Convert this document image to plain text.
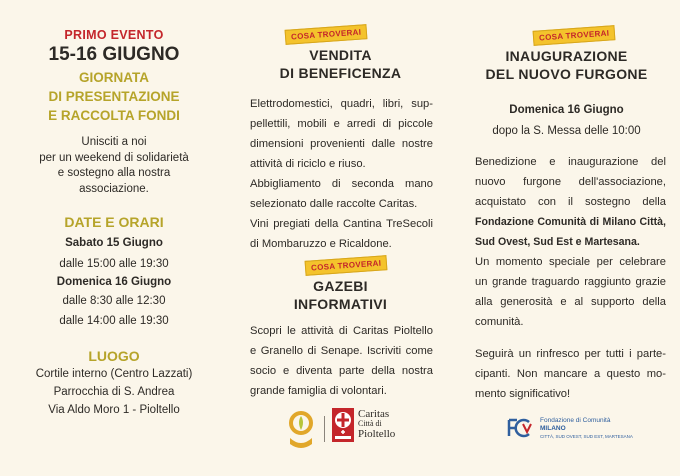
PRIMO EVENTO
15-16 GIUGNO
GIORNATA
DI PRESENTAZIONE
E RACCOLTA FONDI
Unisciti a noi
per un weekend di solidarietà
e sostegno alla nostra
associazione.
DATE E ORARI
Sabato 15 Giugno
dalle 15:00 alle 19:30
Domenica 16 Giugno
dalle 8:30 alle 12:30
dalle 14:00 alle 19:30
LUOGO
Cortile interno (Centro Lazzati)
Parrocchia di S. Andrea
Via Aldo Moro 1 - Pioltello
COSA TROVERAI
VENDITA
DI BENEFICENZA
Elettrodomestici, quadri, libri, sup-
pellettili, mobili e arredi di piccole
dimensioni provenienti dalle nostre
attività di riciclo e riuso.
Abbigliamento di seconda mano
selezionato dalle raccolte Caritas.
Vini pregiati della Cantina TreSecoli
di Mombaruzzo e Ricaldone.
COSA TROVERAI
GAZEBI
INFORMATIVI
Scopri le attività di Caritas Pioltello
e Granello di Senape. Iscriviti come
socio e diventa parte della nostra
grande famiglia di volontari.
Caritas
Città di
Pioltello
COSA TROVERAI
INAUGURAZIONE
DEL NUOVO FURGONE
Domenica 16 Giugno
dopo la S. Messa delle 10:00
Benedizione e inaugurazione del
nuovo furgone dell'associazione,
acquistato con il sostegno della
Fondazione Comunità di Milano Città,
Sud Ovest, Sud Est e Martesana.
Un momento speciale per celebrare
un grande traguardo raggiunto grazie
alla generosità e al supporto della
comunità.
Seguirà un rinfresco per tutti i parte-
cipanti. Non mancare a questo mo-
mento significativo!
Fondazione di Comunità
MILANO
CITTÀ, SUD OVEST, SUD EST, MARTESANA
